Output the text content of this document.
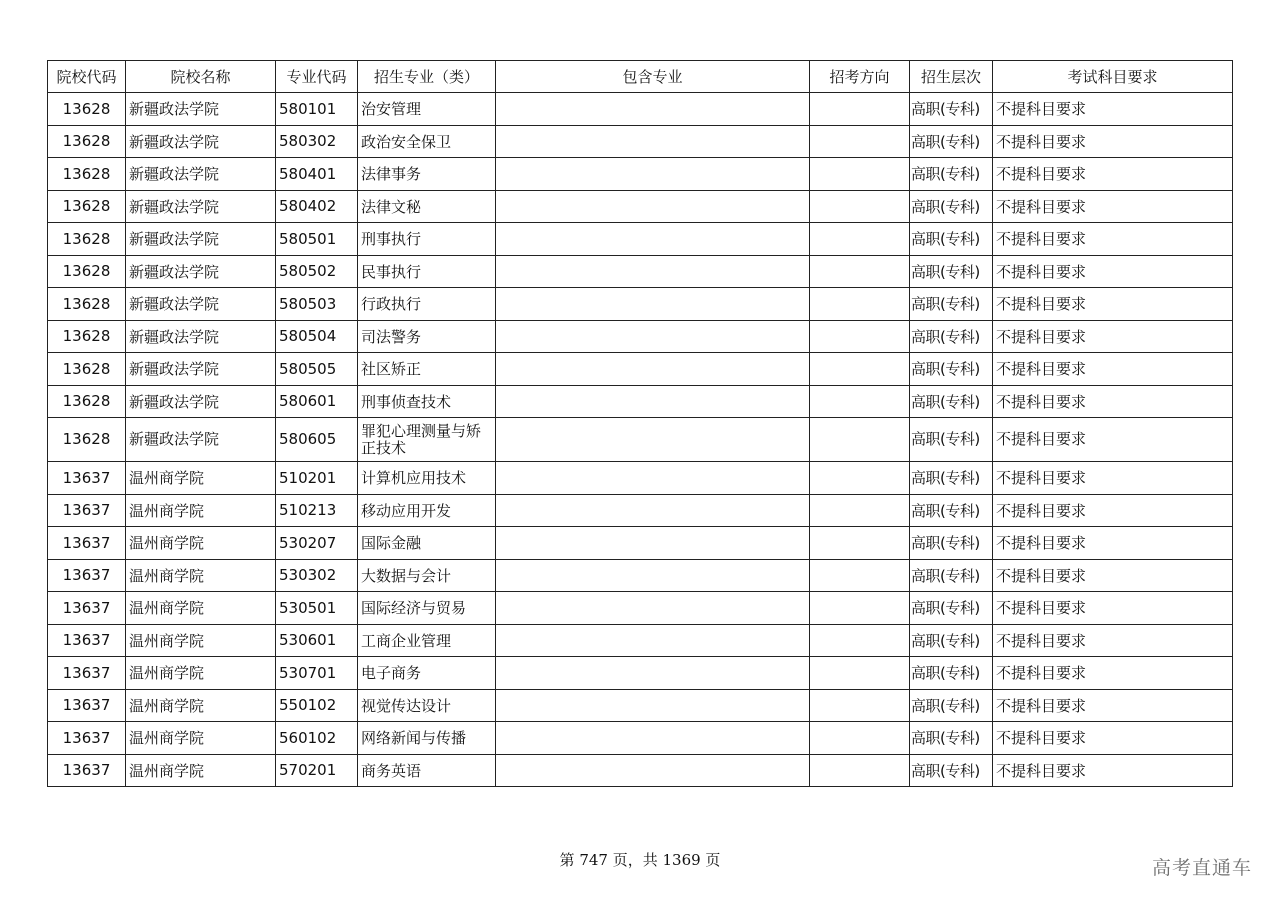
院校代码	院校名称	专业代码	招生专业（类）	包含专业	招考方向	招生层次	考试科目要求
13628	新疆政法学院	580101	治安管理			高职(专科)	不提科目要求
13628	新疆政法学院	580302	政治安全保卫			高职(专科)	不提科目要求
13628	新疆政法学院	580401	法律事务			高职(专科)	不提科目要求
13628	新疆政法学院	580402	法律文秘			高职(专科)	不提科目要求
13628	新疆政法学院	580501	刑事执行			高职(专科)	不提科目要求
13628	新疆政法学院	580502	民事执行			高职(专科)	不提科目要求
13628	新疆政法学院	580503	行政执行			高职(专科)	不提科目要求
13628	新疆政法学院	580504	司法警务			高职(专科)	不提科目要求
13628	新疆政法学院	580505	社区矫正			高职(专科)	不提科目要求
13628	新疆政法学院	580601	刑事侦查技术			高职(专科)	不提科目要求
13628	新疆政法学院	580605	罪犯心理测量与矫正技术			高职(专科)	不提科目要求
13637	温州商学院	510201	计算机应用技术			高职(专科)	不提科目要求
13637	温州商学院	510213	移动应用开发			高职(专科)	不提科目要求
13637	温州商学院	530207	国际金融			高职(专科)	不提科目要求
13637	温州商学院	530302	大数据与会计			高职(专科)	不提科目要求
13637	温州商学院	530501	国际经济与贸易			高职(专科)	不提科目要求
13637	温州商学院	530601	工商企业管理			高职(专科)	不提科目要求
13637	温州商学院	530701	电子商务			高职(专科)	不提科目要求
13637	温州商学院	550102	视觉传达设计			高职(专科)	不提科目要求
13637	温州商学院	560102	网络新闻与传播			高职(专科)	不提科目要求
13637	温州商学院	570201	商务英语			高职(专科)	不提科目要求
第 747 页，共 1369 页	高考直通车
